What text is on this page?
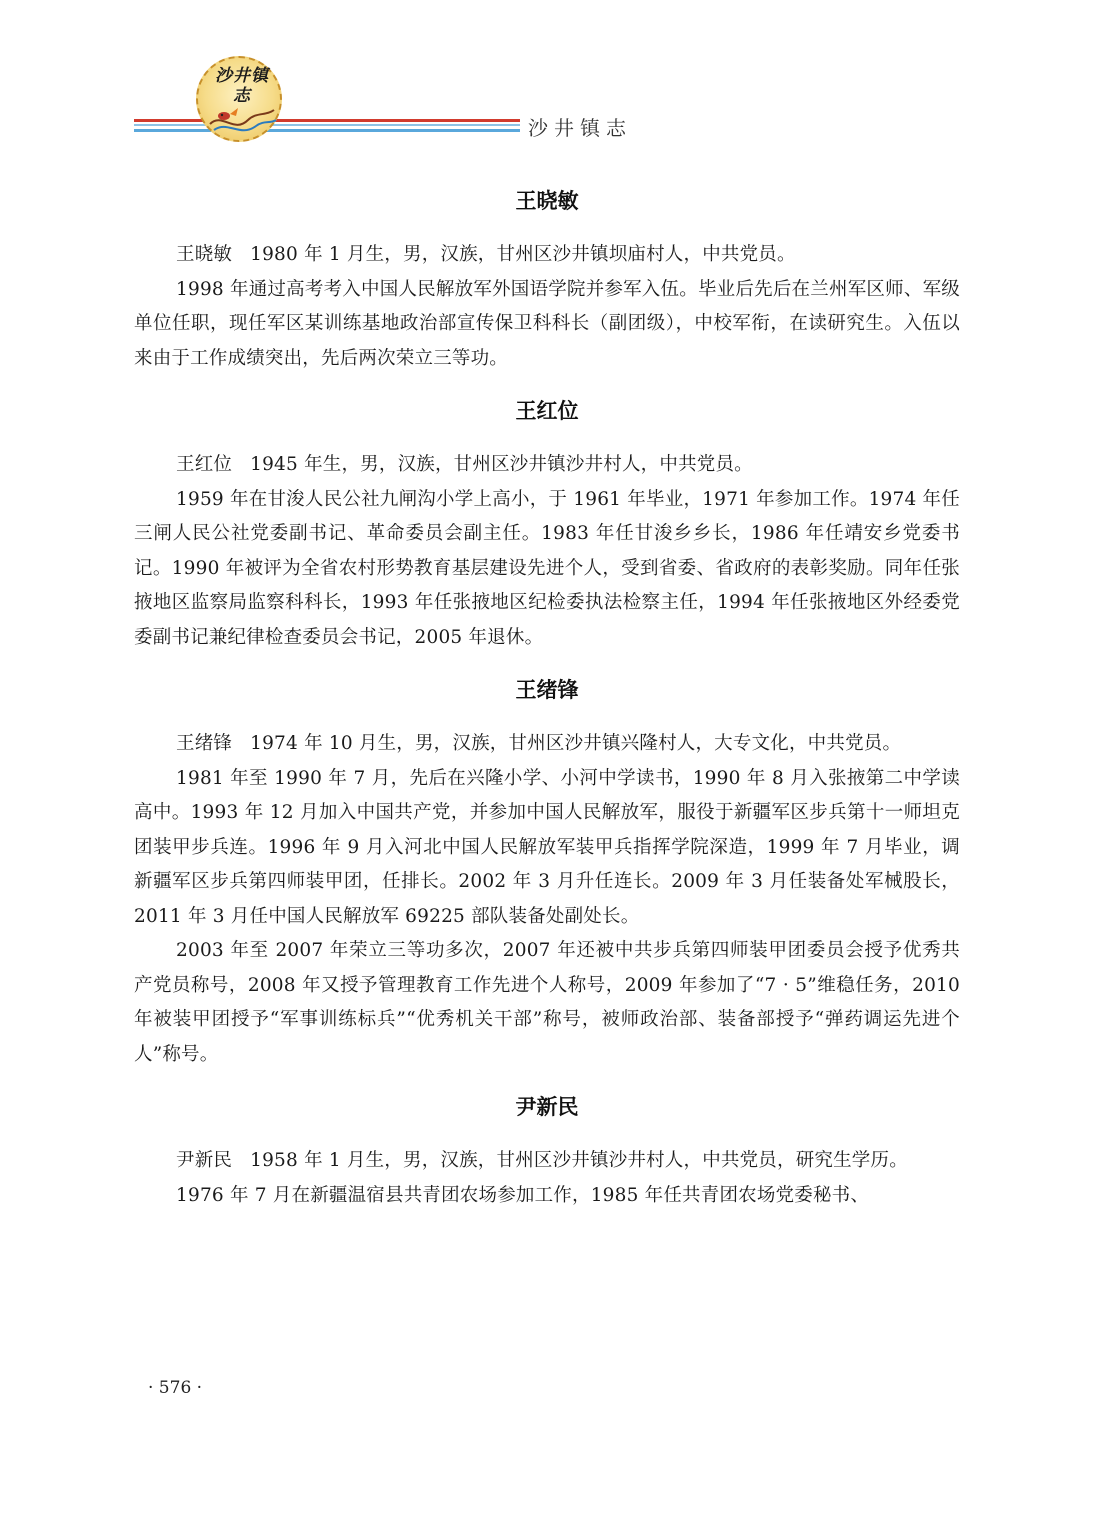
沙井镇志
沙井镇志
王晓敏

王晓敏 1980 年 1 月生，男，汉族，甘州区沙井镇坝庙村人，中共党员。

1998 年通过高考考入中国人民解放军外国语学院并参军入伍。毕业后先后在兰州军区师、军级单位任职，现任军区某训练基地政治部宣传保卫科科长（副团级），中校军衔，在读研究生。入伍以来由于工作成绩突出，先后两次荣立三等功。

王红位

王红位 1945 年生，男，汉族，甘州区沙井镇沙井村人，中共党员。

1959 年在甘浚人民公社九闸沟小学上高小，于 1961 年毕业，1971 年参加工作。1974 年任三闸人民公社党委副书记、革命委员会副主任。1983 年任甘浚乡乡长，1986 年任靖安乡党委书记。1990 年被评为全省农村形势教育基层建设先进个人，受到省委、省政府的表彰奖励。同年任张掖地区监察局监察科科长，1993 年任张掖地区纪检委执法检察主任，1994 年任张掖地区外经委党委副书记兼纪律检查委员会书记，2005 年退休。

王绪锋

王绪锋 1974 年 10 月生，男，汉族，甘州区沙井镇兴隆村人，大专文化，中共党员。

1981 年至 1990 年 7 月，先后在兴隆小学、小河中学读书，1990 年 8 月入张掖第二中学读高中。1993 年 12 月加入中国共产党，并参加中国人民解放军，服役于新疆军区步兵第十一师坦克团装甲步兵连。1996 年 9 月入河北中国人民解放军装甲兵指挥学院深造，1999 年 7 月毕业，调新疆军区步兵第四师装甲团，任排长。2002 年 3 月升任连长。2009 年 3 月任装备处军械股长，2011 年 3 月任中国人民解放军 69225 部队装备处副处长。

2003 年至 2007 年荣立三等功多次，2007 年还被中共步兵第四师装甲团委员会授予优秀共产党员称号，2008 年又授予管理教育工作先进个人称号，2009 年参加了“7 · 5”维稳任务，2010 年被装甲团授予“军事训练标兵”“优秀机关干部”称号，被师政治部、装备部授予“弹药调运先进个人”称号。

尹新民

尹新民 1958 年 1 月生，男，汉族，甘州区沙井镇沙井村人，中共党员，研究生学历。

1976 年 7 月在新疆温宿县共青团农场参加工作，1985 年任共青团农场党委秘书、

· 576 ·
